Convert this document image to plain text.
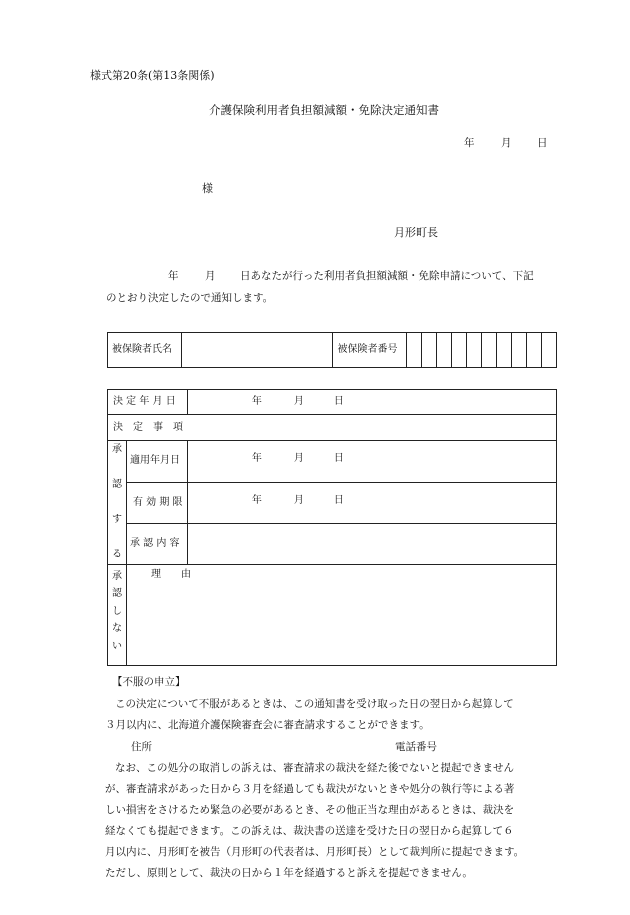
様式第20条(第13条関係)
介護保険利用者負担額減額・免除決定通知書
年	月 日
様
月形町長
年	月 日あなたが行った利用者負担額減額・免除申請について、下記
のとおり決定したので通知します。
被保険者氏名		被保険者番号										
決 定 年 月 日		年 月 日

決　定　事　項		
承

認

す

る	適用年月日	年 月 日

	有 効 期 限	年 月 日

	承 認 内 容	
承
認
し
な
い	理　　由	
【不服の申立】

この決定について不服があるときは、この通知書を受け取った日の翌日から起算して

３月以内に、北海道介護保険審査会に審査請求することができます。

住所	電話番号

なお、この処分の取消しの訴えは、審査請求の裁決を経た後でないと提起できません

が、審査請求があった日から３月を経過しても裁決がないときや処分の執行等による著

しい損害をさけるため緊急の必要があるとき、その他正当な理由があるときは、裁決を

経なくても提起できます。この訴えは、裁決書の送達を受けた日の翌日から起算して６

月以内に、月形町を被告（月形町の代表者は、月形町長）として裁判所に提起できます。

ただし、原則として、裁決の日から１年を経過すると訴えを提起できません。
